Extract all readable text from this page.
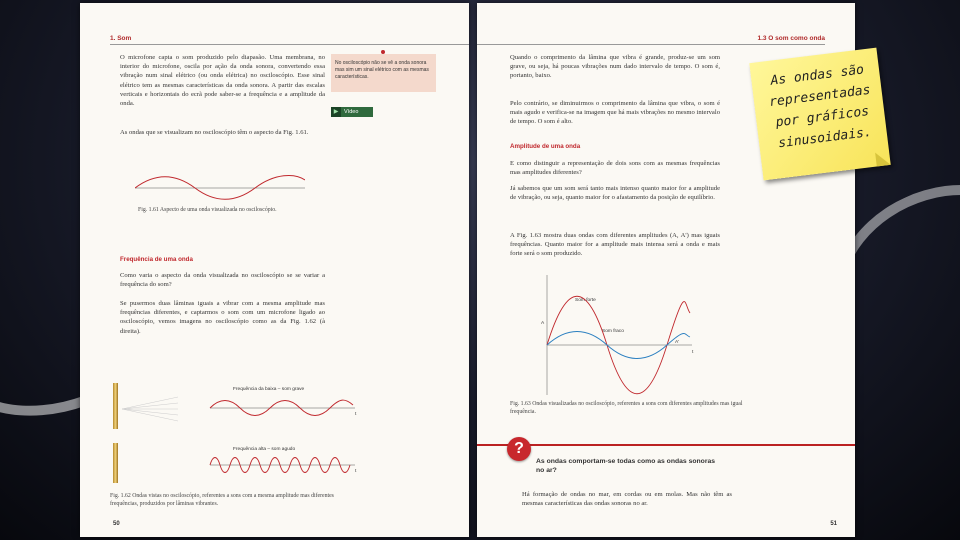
1. Som
O microfone capta o som produzido pelo diapasão. Uma membrana, no interior do microfone, oscila por ação da onda sonora, convertendo essa vibração num sinal elétrico (ou onda elétrica) no osciloscópio. Esse sinal elétrico tem as mesmas características da onda sonora. A partir das escalas verticais e horizontais do ecrã pode saber-se a frequência e a amplitude da onda.
As ondas que se visualizam no osciloscópio têm o aspecto da Fig. 1.61.
Fig. 1.61 Aspecto de uma onda visualizada no osciloscópio.
Frequência de uma onda
Como varia o aspecto da onda visualizada no osciloscópio se se variar a frequência do som?
Se pusermos duas lâminas iguais a vibrar com a mesma amplitude mas frequências diferentes, e captarmos o som com um microfone ligado ao osciloscópio, vemos imagens no osciloscópio como as da Fig. 1.62 (à direita).
Frequência da baixa – som grave
t
Frequência alta – som agudo
t
Fig. 1.62 Ondas vistas no osciloscópio, referentes a sons com a mesma amplitude mas diferentes frequências, produzidos por lâminas vibrantes.
50
No osciloscópio não se vê a onda sonora mas sim um sinal elétrico com as mesmas características.
▶ Vídeo
1.3 O som como onda
Quando o comprimento da lâmina que vibra é grande, produz-se um som grave, ou seja, há poucas vibrações num dado intervalo de tempo. O som é, portanto, baixo.
Pelo contrário, se diminuirmos o comprimento da lâmina que vibra, o som é mais agudo e verifica-se na imagem que há mais vibrações no mesmo intervalo de tempo. O som é alto.
Amplitude de uma onda
E como distinguir a representação de dois sons com as mesmas frequências mas amplitudes diferentes?
Já sabemos que um som será tanto mais intenso quanto maior for a amplitude de vibração, ou seja, quanto maior for o afastamento da posição de equilíbrio.
A Fig. 1.63 mostra duas ondas com diferentes amplitudes (A, A') mas iguais frequências. Quanto maior for a amplitude mais intensa será a onda e mais forte será o som produzido.
t
Som forte
Som fraco
A
A'
Fig. 1.63 Ondas visualizadas no osciloscópio, referentes a sons com diferentes amplitudes mas igual frequência.
Há formação de ondas no mar, em cordas ou em molas. Mas não têm as mesmas características das ondas sonoras no ar.
51
?
As ondas comportam-se todas como as ondas sonoras no ar?
As ondas são representadas por gráficos sinusoidais.
